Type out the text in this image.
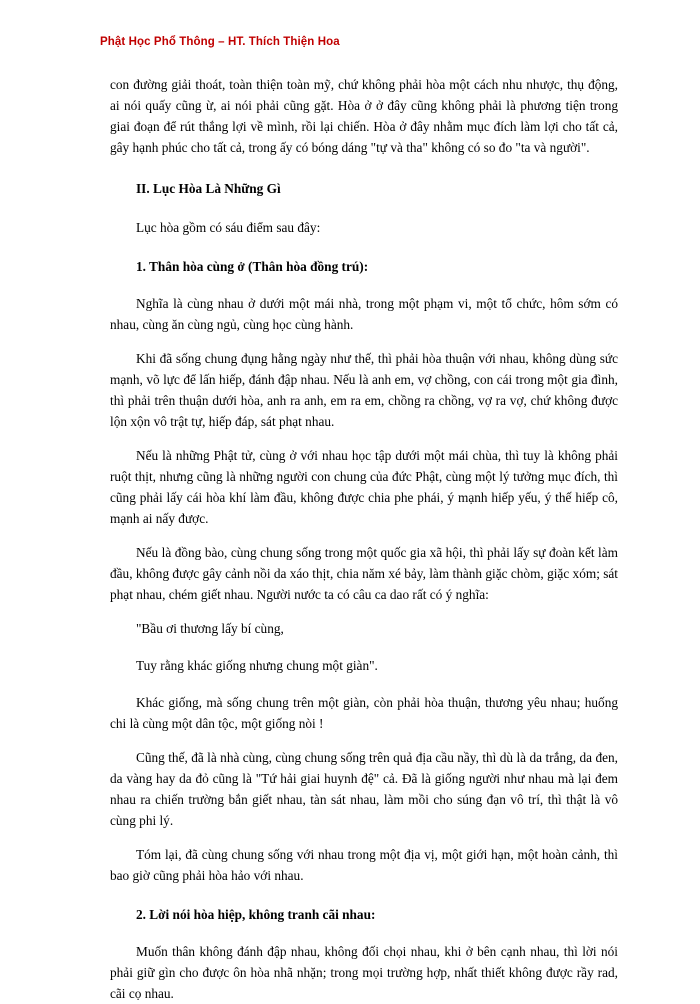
Phật Học Phổ Thông – HT. Thích Thiện Hoa

con đường giải thoát, toàn thiện toàn mỹ, chứ không phải hòa một cách nhu nhược, thụ động, ai nói quấy cũng ừ, ai nói phải cũng gặt. Hòa ở ở đây cũng không phải là phương tiện trong giai đoạn để rút thắng lợi về mình, rồi lại chiến. Hòa ở đây nhằm mục đích làm lợi cho tất cả, gây hạnh phúc cho tất cả, trong ấy có bóng dáng "tự và tha" không có so đo "ta và người".

II. Lục Hòa Là Những Gì

Lục hòa gồm có sáu điểm sau đây:

1. Thân hòa cùng ở (Thân hòa đồng trú):

Nghĩa là cùng nhau ở dưới một mái nhà, trong một phạm vi, một tổ chức, hôm sớm có nhau, cùng ăn cùng ngủ, cùng học cùng hành.

Khi đã sống chung đụng hằng ngày như thế, thì phải hòa thuận với nhau, không dùng sức mạnh, võ lực để lấn hiếp, đánh đập nhau. Nếu là anh em, vợ chồng, con cái trong một gia đình, thì phải trên thuận dưới hòa, anh ra anh, em ra em, chồng ra chồng, vợ ra vợ, chứ không được lộn xộn vô trật tự, hiếp đáp, sát phạt nhau.

Nếu là những Phật tử, cùng ở với nhau học tập dưới một mái chùa, thì tuy là không phải ruột thịt, nhưng cũng là những người con chung của đức Phật, cùng một lý tưởng mục đích, thì cũng phải lấy cái hòa khí làm đầu, không được chia phe phái, ý mạnh hiếp yếu, ý thế hiếp cô, mạnh ai nấy được.

Nếu là đồng bào, cùng chung sống trong một quốc gia xã hội, thì phải lấy sự đoàn kết làm đầu, không được gây cảnh nồi da xáo thịt, chia năm xé bảy, làm thành giặc chòm, giặc xóm; sát phạt nhau, chém giết nhau. Người nước ta có câu ca dao rất có ý nghĩa:

"Bầu ơi thương lấy bí cùng,

Tuy rằng khác giống nhưng chung một giàn".

Khác giống, mà sống chung trên một giàn, còn phải hòa thuận, thương yêu nhau; huống chi là cùng một dân tộc, một giống nòi !

Cũng thế, đã là nhà cùng, cùng chung sống trên quả địa cầu nầy, thì dù là da trắng, da đen, da vàng hay da đỏ cũng là "Tứ hải giai huynh đệ" cả. Đã là giống người như nhau mà lại đem nhau ra chiến trường bắn giết nhau, tàn sát nhau, làm mồi cho súng đạn vô trí, thì thật là vô cùng phi lý.

Tóm lại, đã cùng chung sống với nhau trong một địa vị, một giới hạn, một hoàn cảnh, thì bao giờ cũng phải hòa hảo với nhau.

2. Lời nói hòa hiệp, không tranh cãi nhau:

Muốn thân không đánh đập nhau, không đối chọi nhau, khi ở bên cạnh nhau, thì lời nói phải giữ gìn cho được ôn hòa nhã nhặn; trong mọi trường hợp, nhất thiết không được rầy rad, cãi cọ nhau.
